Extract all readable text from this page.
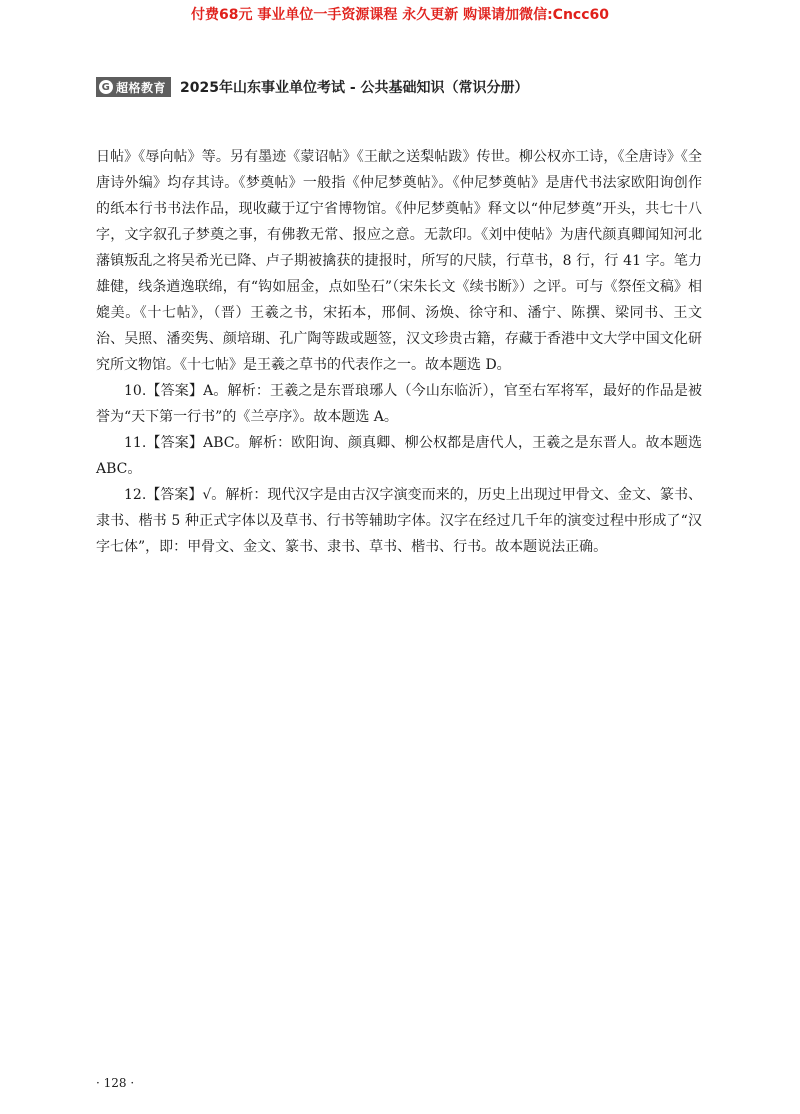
付费68元 事业单位一手资源课程 永久更新 购课请加微信:Cncc60
G 超格教育 2025年山东事业单位考试 - 公共基础知识（常识分册）

日帖》《辱向帖》等。另有墨迹《蒙诏帖》《王献之送梨帖跋》传世。柳公权亦工诗，《全唐诗》《全唐诗外编》均存其诗。《梦奠帖》一般指《仲尼梦奠帖》。《仲尼梦奠帖》是唐代书法家欧阳询创作的纸本行书书法作品，现收藏于辽宁省博物馆。《仲尼梦奠帖》释文以“仲尼梦奠”开头，共七十八字，文字叙孔子梦奠之事，有佛教无常、报应之意。无款印。《刘中使帖》为唐代颜真卿闻知河北藩镇叛乱之将吴希光已降、卢子期被擒获的捷报时，所写的尺牍，行草书，8 行，行 41 字。笔力雄健，线条遒逸联绵，有“钩如屈金，点如坠石”（宋朱长文《续书断》）之评。可与《祭侄文稿》相媲美。《十七帖》，（晋）王羲之书，宋拓本，邢侗、汤焕、徐守和、潘宁、陈撰、梁同书、王文治、吴照、潘奕隽、颜培瑚、孔广陶等跋或题签，汉文珍贵古籍，存藏于香港中文大学中国文化研究所文物馆。《十七帖》是王羲之草书的代表作之一。故本题选 D。

10.【答案】A。解析：王羲之是东晋琅琊人（今山东临沂），官至右军将军，最好的作品是被誉为“天下第一行书”的《兰亭序》。故本题选 A。

11.【答案】ABC。解析：欧阳询、颜真卿、柳公权都是唐代人，王羲之是东晋人。故本题选 ABC。

12.【答案】√。解析：现代汉字是由古汉字演变而来的，历史上出现过甲骨文、金文、篆书、隶书、楷书 5 种正式字体以及草书、行书等辅助字体。汉字在经过几千年的演变过程中形成了“汉字七体”，即：甲骨文、金文、篆书、隶书、草书、楷书、行书。故本题说法正确。

· 128 ·
